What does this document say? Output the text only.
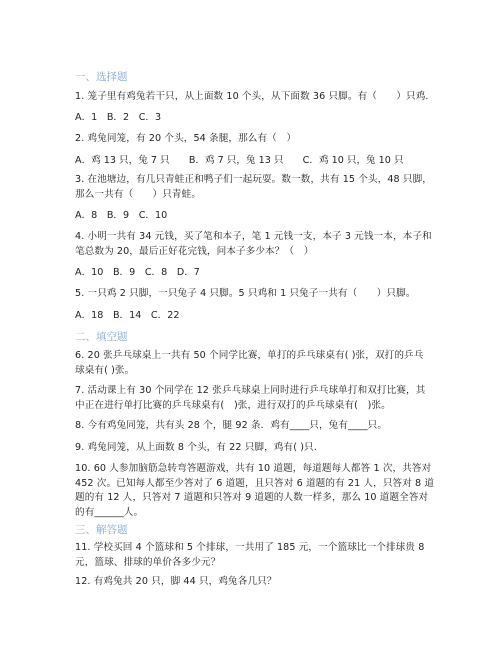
一、选择题

1. 笼子里有鸡兔若干只，从上面数 10 个头，从下面数 36 只脚。有（　　）只鸡.

A．1　B．2　C．3

2. 鸡兔同笼，有 20 个头，54 条腿，那么有（　）

A．鸡 13 只，兔 7 只　　B．鸡 7 只，兔 13 只　　C．鸡 10 只，兔 10 只

3. 在池塘边，有几只青蛙正和鸭子们一起玩耍。数一数，共有 15 个头，48 只脚，

那么一共有（　　）只青蛙。

A．8　B．9　C．10

4. 小明一共有 34 元钱，买了笔和本子，笔 1 元钱一支，本子 3 元钱一本，本子和

笔总数为 20，最后正好花完钱，问本子多少本？（　）

A．10　B．9　C．8　D．7

5. 一只鸡 2 只脚，一只兔子 4 只脚。5 只鸡和 1 只兔子一共有（　　）只脚。

A．18　B．14　C．22

二、填空题

6. 20 张乒乓球桌上一共有 50 个同学比赛，单打的乒乓球桌有( )张，双打的乒乓

球桌有( )张。

7. 活动课上有 30 个同学在 12 张乒乓球桌上同时进行乒乓球单打和双打比赛，其

中正在进行单打比赛的乒乓球桌有(　)张，进行双打的乒乓球桌有(　)张。

8. 今有鸡兔同笼，共有头 28 个，腿 92 条．鸡有____只，兔有____只。

9. 鸡兔同笼，从上面数 8 个头，有 22 只脚，鸡有( )只.

10. 60 人参加脑筋急转弯答题游戏，共有 10 道题，每道题每人都答 1 次，共答对

452 次。已知每人都至少答对了 6 道题，且只答对 6 道题的有 21 人，只答对 8 道

题的有 12 人，只答对 7 道题和只答对 9 道题的人数一样多，那么 10 道题全答对

的有______人。

三、解答题

11. 学校买回 4 个篮球和 5 个排球，一共用了 185 元，一个篮球比一个排球贵 8

元，篮球、排球的单价各多少元？

12. 有鸡兔共 20 只，脚 44 只，鸡兔各几只？
